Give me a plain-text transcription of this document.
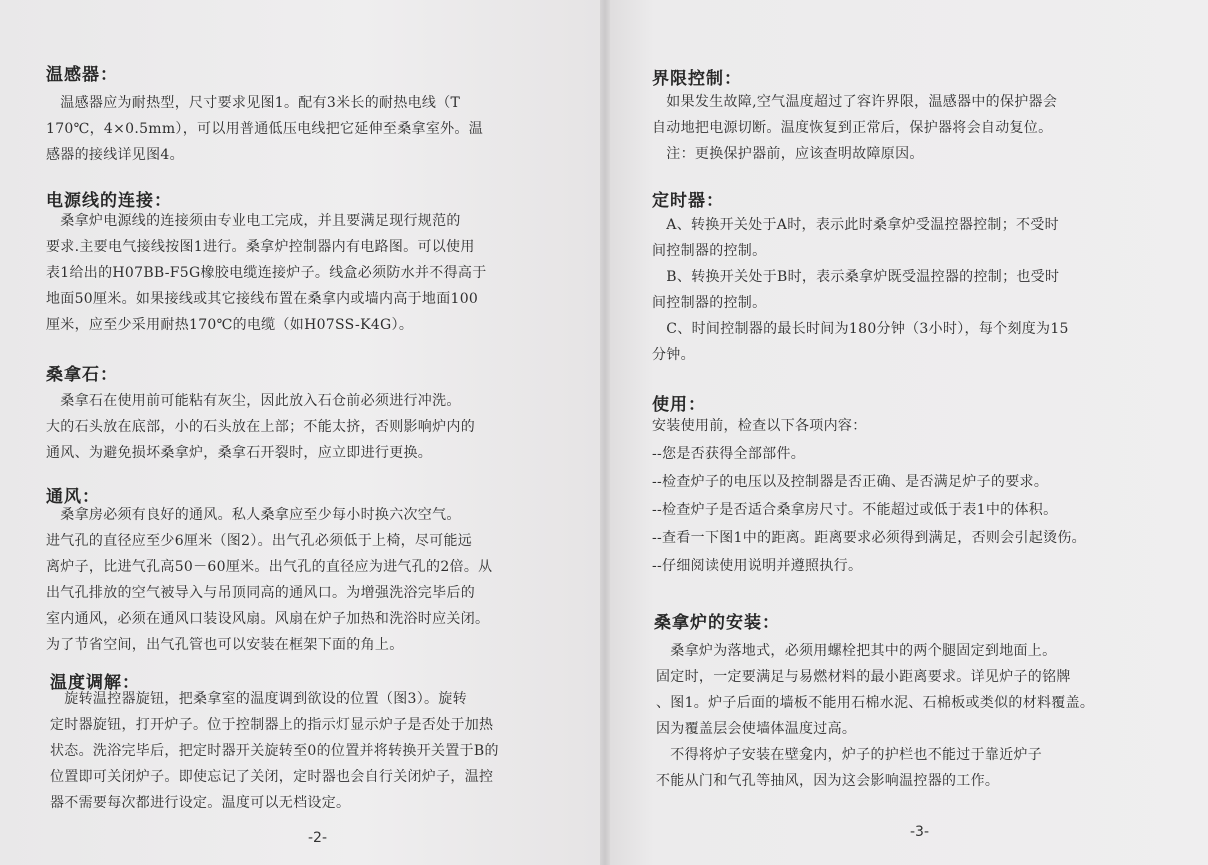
温感器：
　温感器应为耐热型，尺寸要求见图1。配有3米长的耐热电线（T
170℃，4×0.5mm），可以用普通低压电线把它延伸至桑拿室外。温
感器的接线详见图4。
电源线的连接：
　桑拿炉电源线的连接须由专业电工完成，并且要满足现行规范的
要求.主要电气接线按图1进行。桑拿炉控制器内有电路图。可以使用
表1给出的H07BB-F5G橡胶电缆连接炉子。线盒必须防水并不得高于
地面50厘米。如果接线或其它接线布置在桑拿内或墙内高于地面100
厘米，应至少采用耐热170℃的电缆（如H07SS-K4G）。
桑拿石：
　桑拿石在使用前可能粘有灰尘，因此放入石仓前必须进行冲洗。
大的石头放在底部，小的石头放在上部；不能太挤，否则影响炉内的
通风、为避免损坏桑拿炉，桑拿石开裂时，应立即进行更换。
通风：
　桑拿房必须有良好的通风。私人桑拿应至少每小时换六次空气。
进气孔的直径应至少6厘米（图2）。出气孔必须低于上椅，尽可能远
离炉子，比进气孔高50－60厘米。出气孔的直径应为进气孔的2倍。从
出气孔排放的空气被导入与吊顶同高的通风口。为增强洗浴完毕后的
室内通风，必须在通风口装设风扇。风扇在炉子加热和洗浴时应关闭。
为了节省空间，出气孔管也可以安装在框架下面的角上。
温度调解：
　旋转温控器旋钮，把桑拿室的温度调到欲设的位置（图3）。旋转
定时器旋钮，打开炉子。位于控制器上的指示灯显示炉子是否处于加热
状态。洗浴完毕后，把定时器开关旋转至0的位置并将转换开关置于B的
位置即可关闭炉子。即使忘记了关闭，定时器也会自行关闭炉子，温控
器不需要每次都进行设定。温度可以无档设定。
-2-
界限控制：
　如果发生故障,空气温度超过了容许界限，温感器中的保护器会
自动地把电源切断。温度恢复到正常后，保护器将会自动复位。
　注：更换保护器前，应该查明故障原因。
定时器：
　A、转换开关处于A时，表示此时桑拿炉受温控器控制；不受时
间控制器的控制。
　B、转换开关处于B时，表示桑拿炉既受温控器的控制；也受时
间控制器的控制。
　C、时间控制器的最长时间为180分钟（3小时），每个刻度为15
分钟。
使用：
安装使用前，检查以下各项内容：
--您是否获得全部部件。
--检查炉子的电压以及控制器是否正确、是否满足炉子的要求。
--检查炉子是否适合桑拿房尺寸。不能超过或低于表1中的体积。
--查看一下图1中的距离。距离要求必须得到满足，否则会引起烫伤。
--仔细阅读使用说明并遵照执行。
桑拿炉的安装：
　桑拿炉为落地式，必须用螺栓把其中的两个腿固定到地面上。
固定时，一定要满足与易燃材料的最小距离要求。详见炉子的铭牌
、图1。炉子后面的墙板不能用石棉水泥、石棉板或类似的材料覆盖。
因为覆盖层会使墙体温度过高。
　不得将炉子安装在壁龛内，炉子的护栏也不能过于靠近炉子
不能从门和气孔等抽风，因为这会影响温控器的工作。
-3-
